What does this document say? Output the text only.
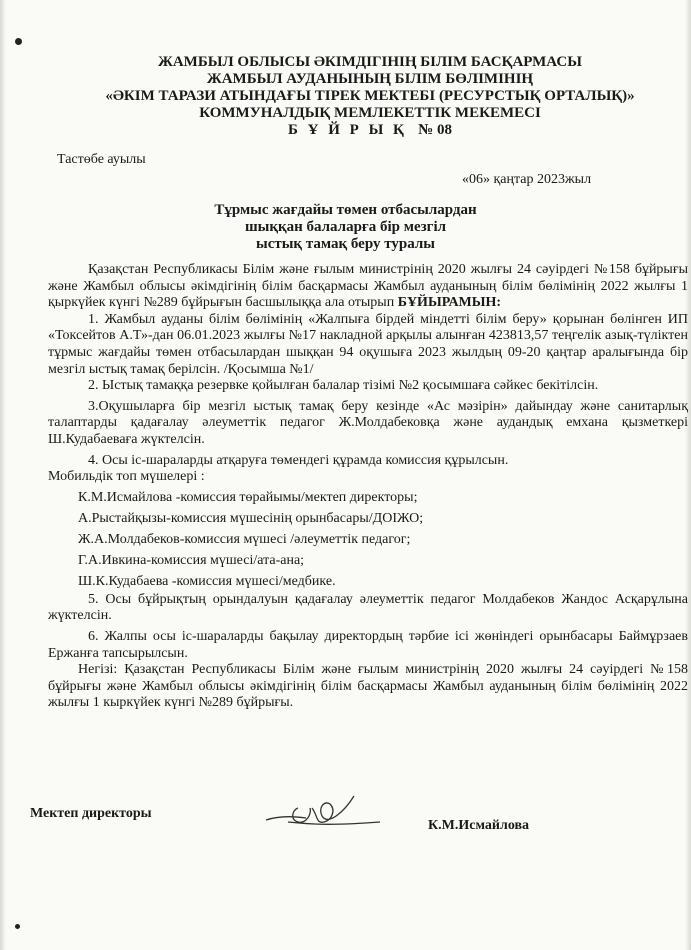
ЖАМБЫЛ ОБЛЫСЫ ӘКІМДІГІНІҢ БІЛІМ БАСҚАРМАСЫ
ЖАМБЫЛ АУДАНЫНЫҢ БІЛІМ БӨЛІМІНІҢ
«ӘКІМ ТАРАЗИ АТЫНДАҒЫ ТІРЕК МЕКТЕБІ (РЕСУРСТЫҚ ОРТАЛЫҚ)»
КОММУНАЛДЫҚ МЕМЛЕКЕТТІК МЕКЕМЕСІ
Б Ұ Й Р Ы Қ № 08
Тастөбе ауылы
«06» қаңтар 2023жыл
Тұрмыс жағдайы төмен отбасылардан
шыққан балаларға бір мезгіл
ыстық тамақ беру туралы

Қазақстан Республикасы Білім және ғылым министрінің 2020 жылғы 24 сәуірдегі №158 бұйрығы және Жамбыл облысы әкімдігінің білім басқармасы Жамбыл ауданының білім бөлімінің 2022 жылғы 1 қыркүйек күнгі №289 бұйрығын басшылыққа ала отырып БҰЙЫРАМЫН:

1. Жамбыл ауданы білім бөлімінің «Жалпыға бірдей міндетті білім беру» қорынан бөлінген ИП «Токсейтов А.Т»-дан 06.01.2023 жылғы №17 накладной арқылы алынған 423813,57 теңгелік азық-түліктен тұрмыс жағдайы төмен отбасылардан шыққан 94 оқушыға 2023 жылдың 09-20 қаңтар аралығында бір мезгіл ыстық тамақ берілсін. /Қосымша №1/

2. Ыстық тамаққа резервке қойылған балалар тізімі №2 қосымшаға сәйкес бекітілсін.

3.Оқушыларға бір мезгіл ыстық тамақ беру кезінде «Ас мәзірін» дайындау және санитарлық талаптарды қадағалау әлеуметтік педагог Ж.Молдабековқа және аудандық емхана қызметкері Ш.Кудабаеваға жүктелсін.

4. Осы іс-шараларды атқаруға төмендегі құрамда комиссия құрылсын.

Мобильдік топ мүшелері :

К.М.Исмайлова -комиссия төрайымы/мектеп директоры;
А.Рыстайқызы-комиссия мүшесінің орынбасары/ДОІЖО;
Ж.А.Молдабеков-комиссия мүшесі /әлеуметтік педагог;
Г.А.Ивкина-комиссия мүшесі/ата-ана;
Ш.К.Кудабаева -комиссия мүшесі/медбике.

5. Осы бұйрықтың орындалуын қадағалау әлеуметтік педагог Молдабеков Жандос Асқарұлына жүктелсін.

6. Жалпы осы іс-шараларды бақылау директордың тәрбие ісі жөніндегі орынбасары Баймұрзаев Ержанға тапсырылсын.

Негізі: Қазақстан Республикасы Білім және ғылым министрінің 2020 жылғы 24 сәуірдегі №158 бұйрығы және Жамбыл облысы әкімдігінің білім басқармасы Жамбыл ауданының білім бөлімінің 2022 жылғы 1 кыркүйек күнгі №289 бұйрығы.

Мектеп директоры
К.М.Исмайлова
